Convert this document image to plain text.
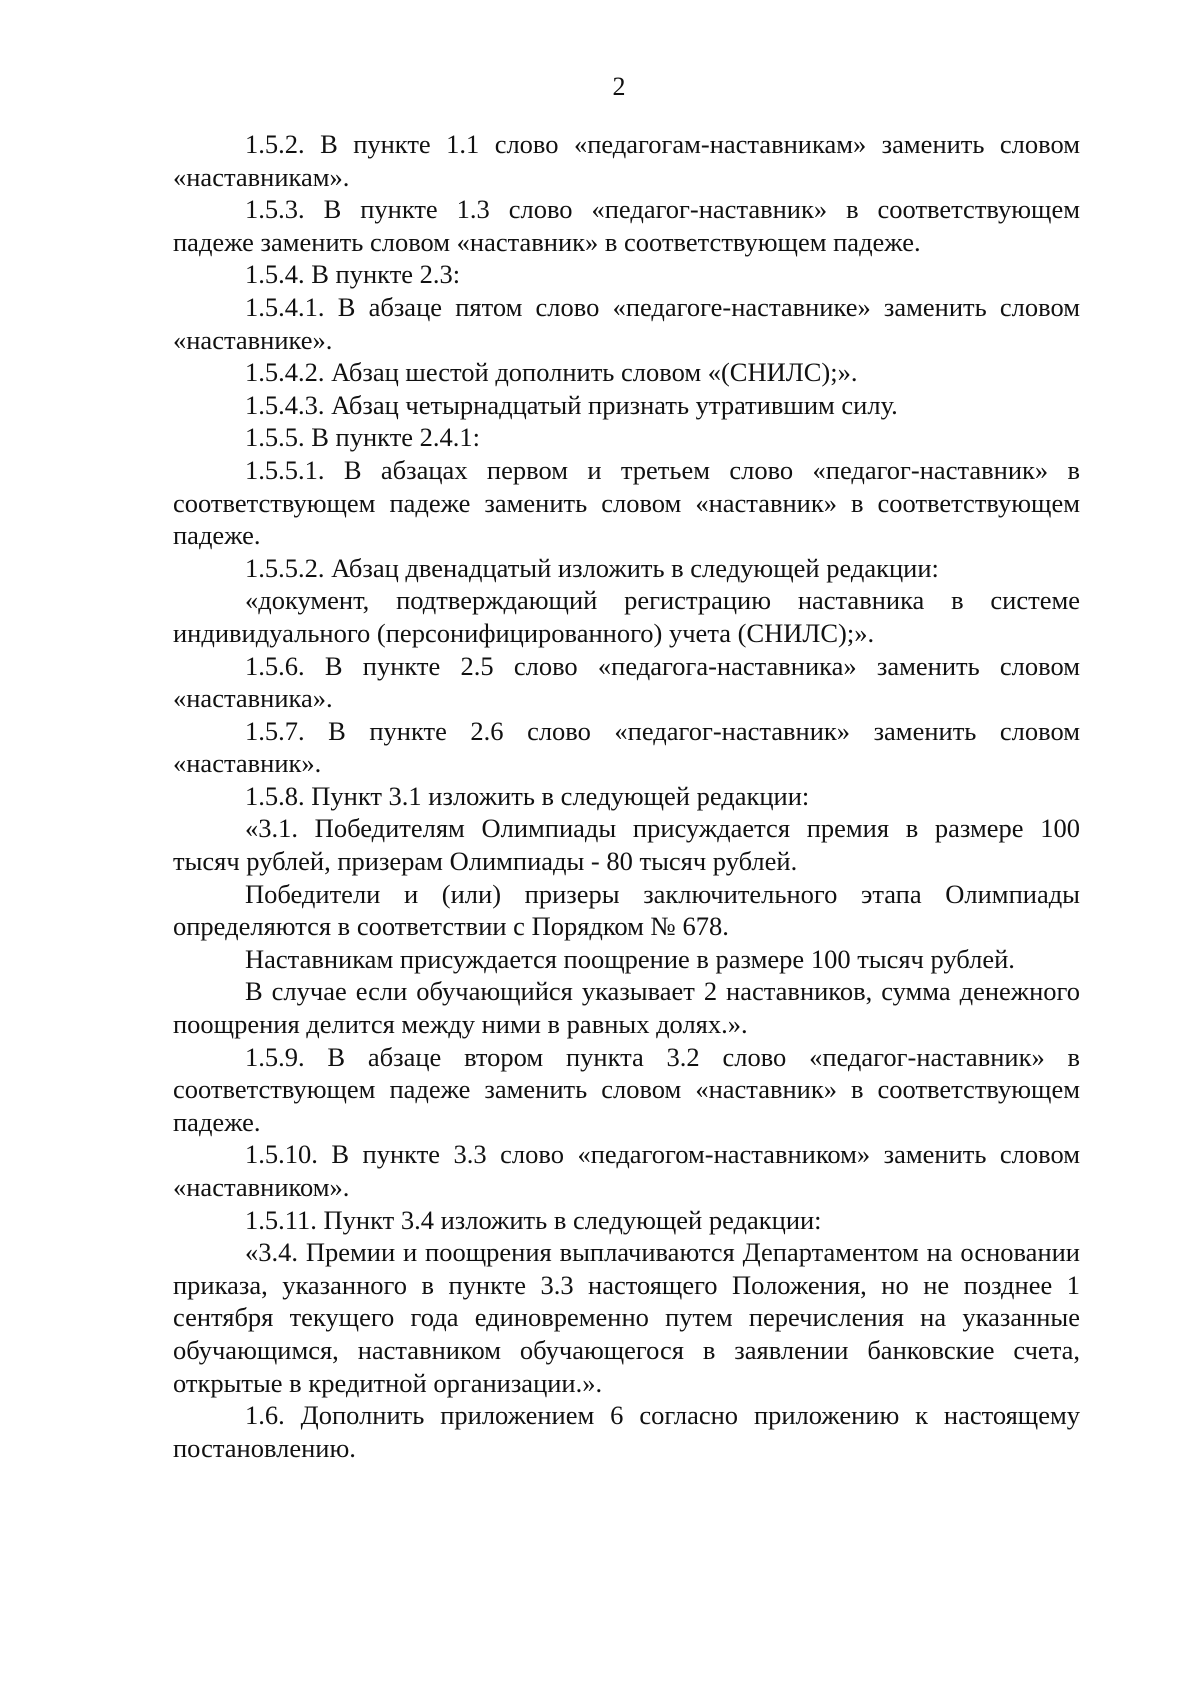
2

1.5.2. В пункте 1.1 слово «педагогам-наставникам» заменить словом «наставникам».

1.5.3. В пункте 1.3 слово «педагог-наставник» в соответствующем падеже заменить словом «наставник» в соответствующем падеже.

1.5.4. В пункте 2.3:

1.5.4.1. В абзаце пятом слово «педагоге-наставнике» заменить словом «наставнике».

1.5.4.2. Абзац шестой дополнить словом «(СНИЛС);».

1.5.4.3. Абзац четырнадцатый признать утратившим силу.

1.5.5. В пункте 2.4.1:

1.5.5.1. В абзацах первом и третьем слово «педагог-наставник» в соответствующем падеже заменить словом «наставник» в соответствующем падеже.

1.5.5.2. Абзац двенадцатый изложить в следующей редакции:

«документ, подтверждающий регистрацию наставника в системе индивидуального (персонифицированного) учета (СНИЛС);».

1.5.6. В пункте 2.5 слово «педагога-наставника» заменить словом «наставника».

1.5.7. В пункте 2.6 слово «педагог-наставник» заменить словом «наставник».

1.5.8. Пункт 3.1 изложить в следующей редакции:

«3.1. Победителям Олимпиады присуждается премия в размере 100 тысяч рублей, призерам Олимпиады - 80 тысяч рублей.

Победители и (или) призеры заключительного этапа Олимпиады определяются в соответствии с Порядком № 678.

Наставникам присуждается поощрение в размере 100 тысяч рублей.

В случае если обучающийся указывает 2 наставников, сумма денежного поощрения делится между ними в равных долях.».

1.5.9. В абзаце втором пункта 3.2 слово «педагог-наставник» в соответствующем падеже заменить словом «наставник» в соответствующем падеже.

1.5.10. В пункте 3.3 слово «педагогом-наставником» заменить словом «наставником».

1.5.11. Пункт 3.4 изложить в следующей редакции:

«3.4. Премии и поощрения выплачиваются Департаментом на основании приказа, указанного в пункте 3.3 настоящего Положения, но не позднее 1 сентября текущего года единовременно путем перечисления на указанные обучающимся, наставником обучающегося в заявлении банковские счета, открытые в кредитной организации.».

1.6. Дополнить приложением 6 согласно приложению к настоящему постановлению.
